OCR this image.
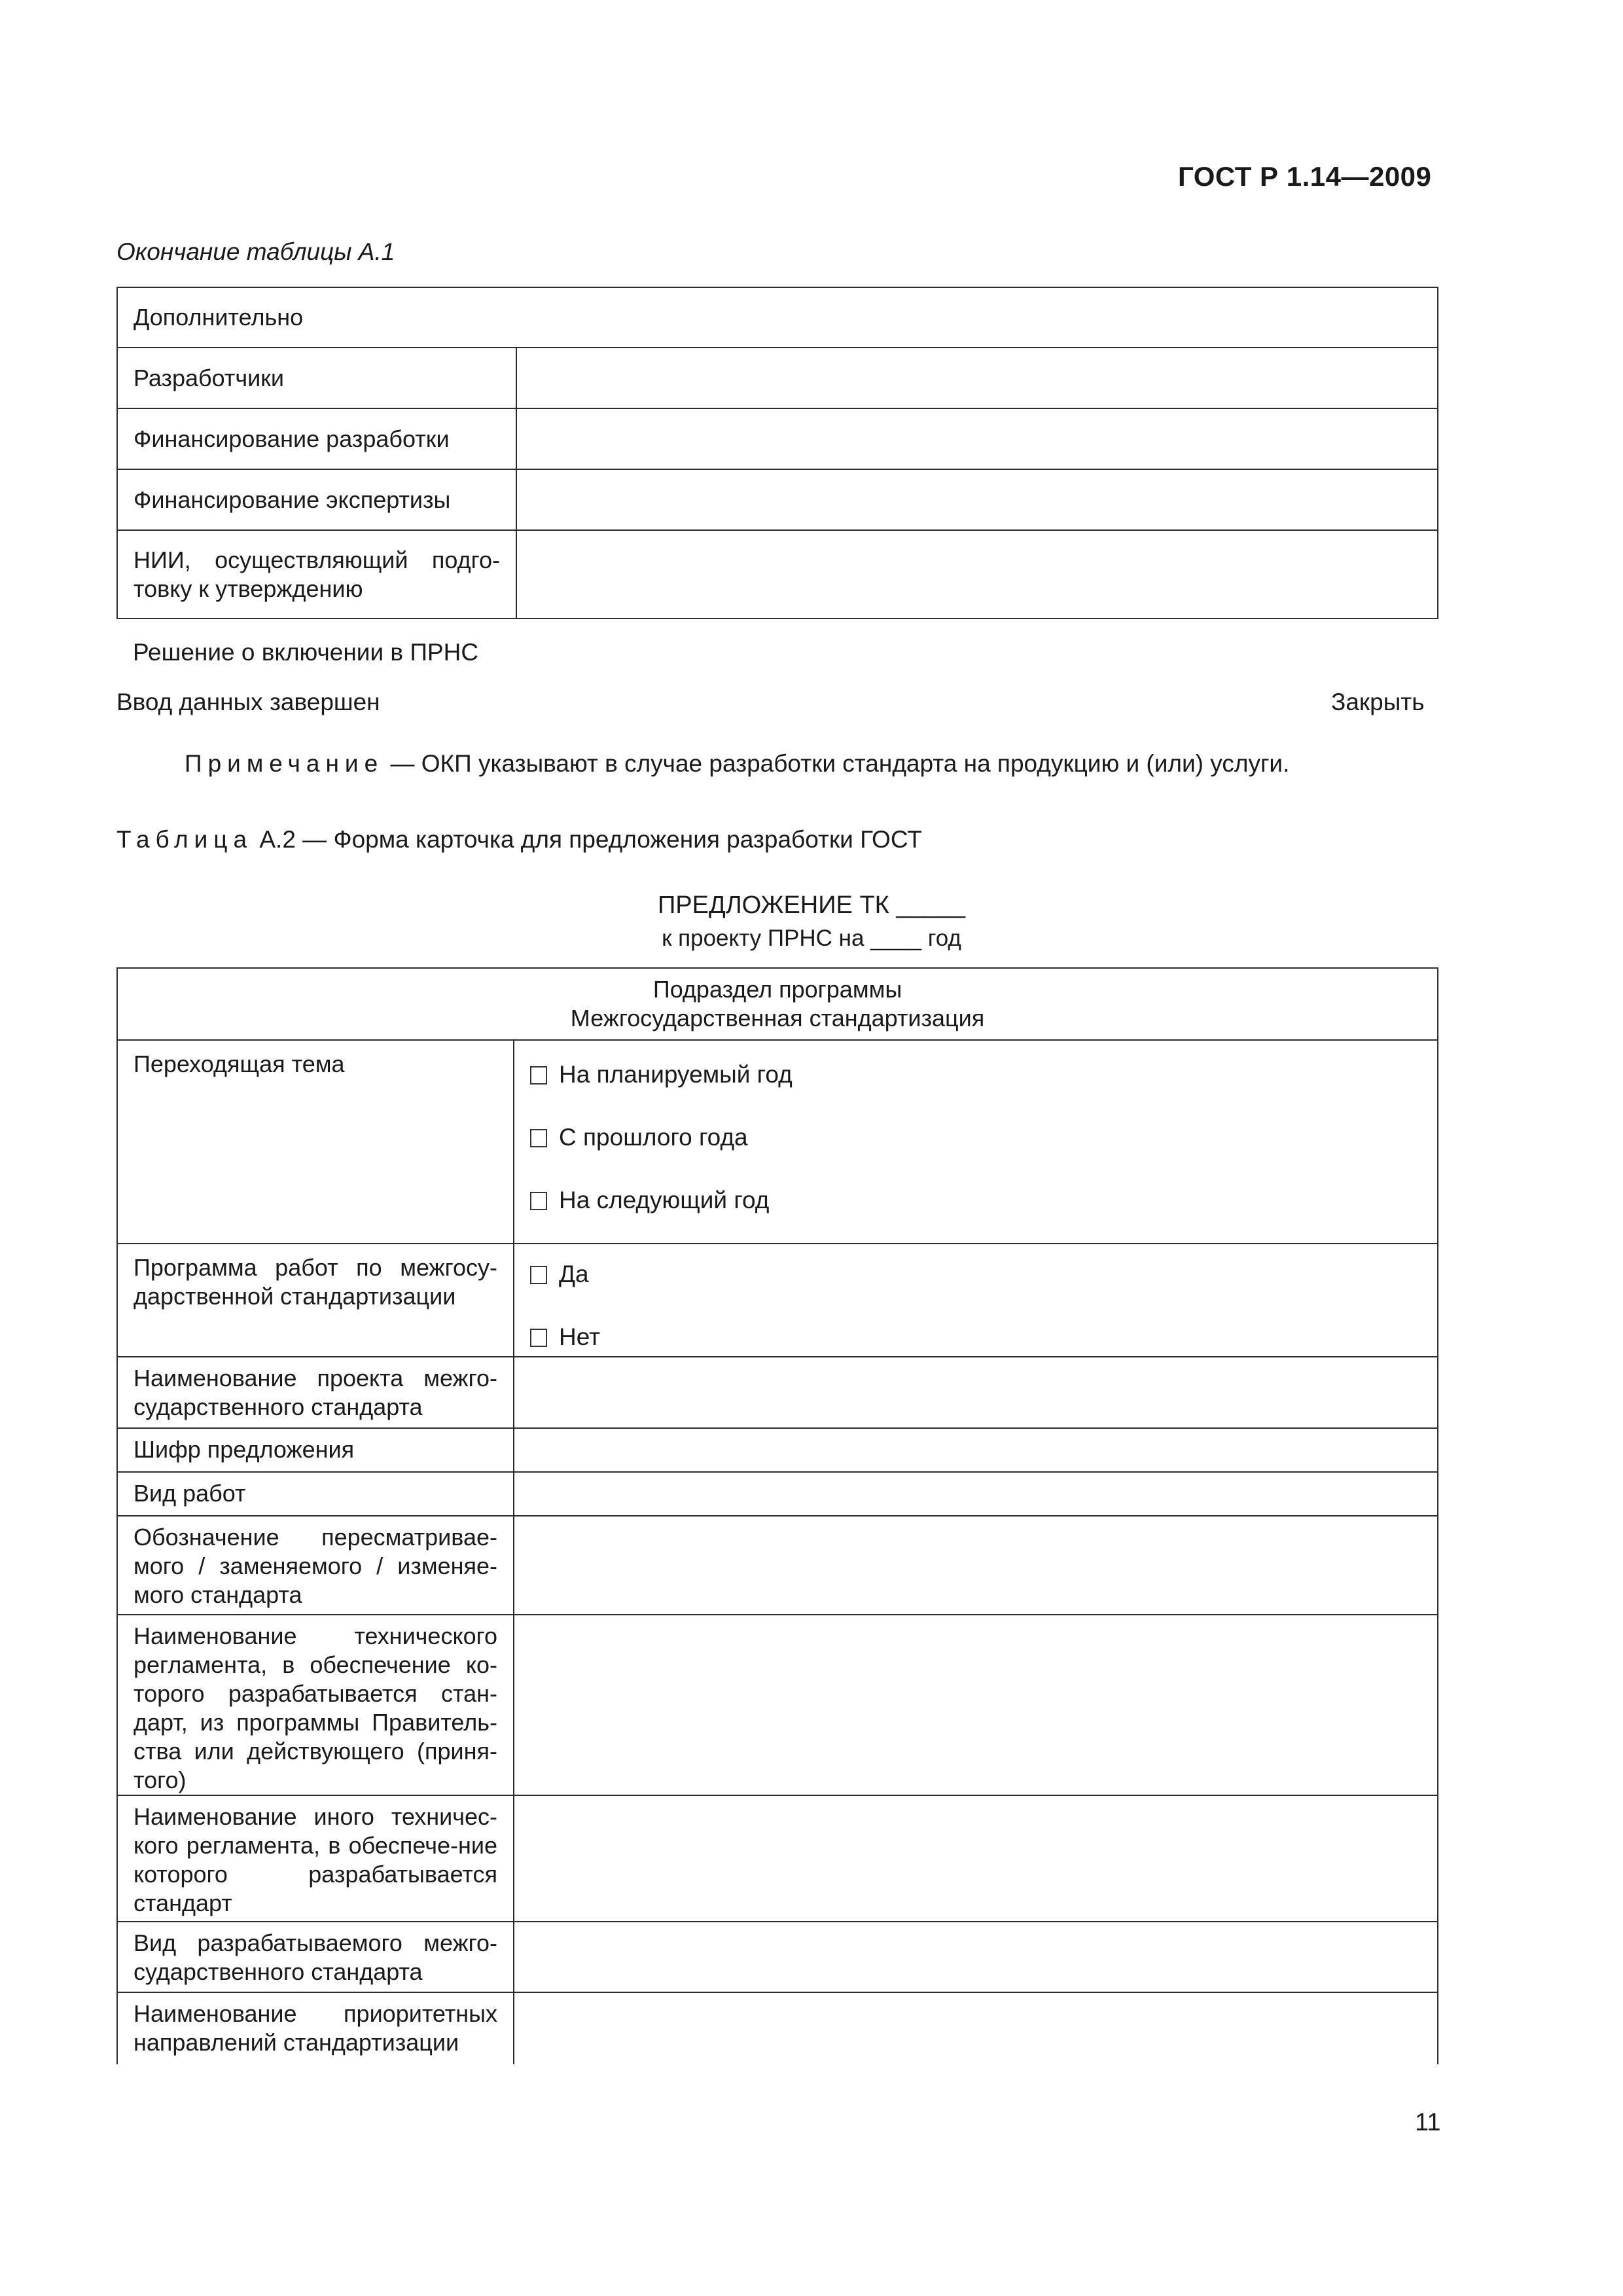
ГОСТ Р 1.14—2009
Окончание таблицы А.1
Дополнительно	
Разработчики	
Финансирование разработки	
Финансирование экспертизы	
НИИ, осуществляющий подго-товку к утверждению	
Решение о включении в ПРНС
Ввод данных завершен	Закрыть
Примечание — ОКП указывают в случае разработки стандарта на продукцию и (или) услуги.
Таблица А.2 — Форма карточка для предложения разработки ГОСТ
ПРЕДЛОЖЕНИЕ ТК _____
к проекту ПРНС на ____ год
Подраздел программы
Межгосударственная стандартизация	

Переходящая тема	На планируемый год
С прошлого года
На следующий год

Программа работ по межгосу-дарственной стандартизации	Да
Нет

Наименование проекта межго-сударственного стандарта	
Шифр предложения	
Вид работ	
Обозначение пересматривае-мого / заменяемого / изменяе-мого стандарта	
Наименование технического регламента, в обеспечение ко-торого разрабатывается стан-дарт, из программы Правитель-ства или действующего (приня-того)	
Наименование иного техничес-кого регламента, в обеспече-ние которого разрабатывается стандарт	
Вид разрабатываемого межго-сударственного стандарта	
Наименование приоритетных направлений стандартизации	
11
